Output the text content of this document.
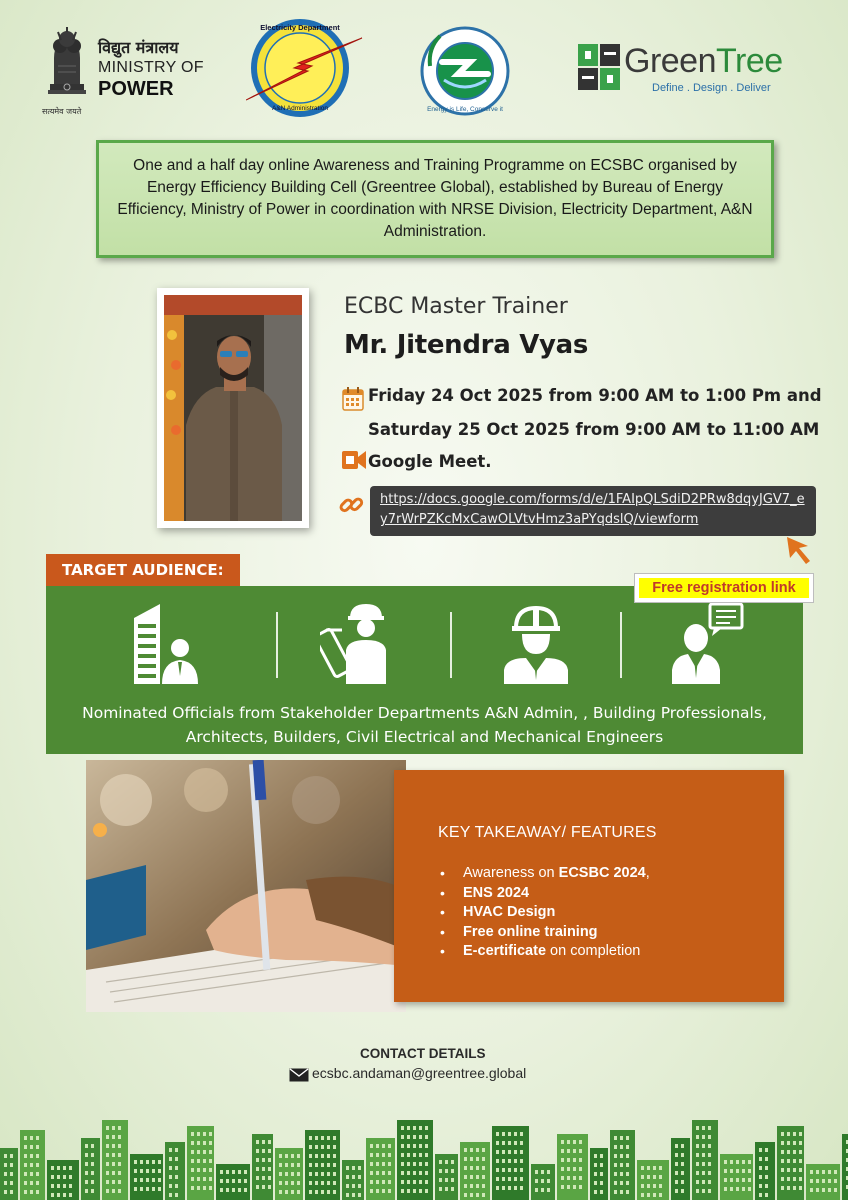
सत्यमेव जयते
विद्युत मंत्रालय
MINISTRY OF
POWER
Electricity Department
A&N Administration	Energy is Life, Conserve it
GreenTree
Define . Design . Deliver

One and a half day online Awareness and Training Programme on ECSBC organised by Energy Efficiency Building Cell (Greentree Global), established by Bureau of Energy Efficiency, Ministry of Power in coordination with NRSE Division, Electricity Department, A&N Administration.

ECBC Master Trainer
Mr. Jitendra Vyas
Friday 24 Oct 2025 from 9:00 AM to 1:00 Pm and
Saturday 25 Oct 2025 from 9:00 AM to 11:00 AM
Google Meet.
https://docs.google.com/forms/d/e/1FAIpQLSdiD2PRw8dqyJGV7_ey7rWrPZKcMxCawOLVtvHmz3aPYqdslQ/viewform
TARGET AUDIENCE:
Free registration link
Nominated Officials from Stakeholder Departments A&N Admin, , Building Professionals, Architects, Builders, Civil Electrical and Mechanical Engineers
KEY TAKEAWAY/ FEATURES
• Awareness on ECSBC 2024,
• ENS 2024
• HVAC Design
• Free online training
• E-certificate on completion
CONTACT DETAILS
ecsbc.andaman@greentree.global
